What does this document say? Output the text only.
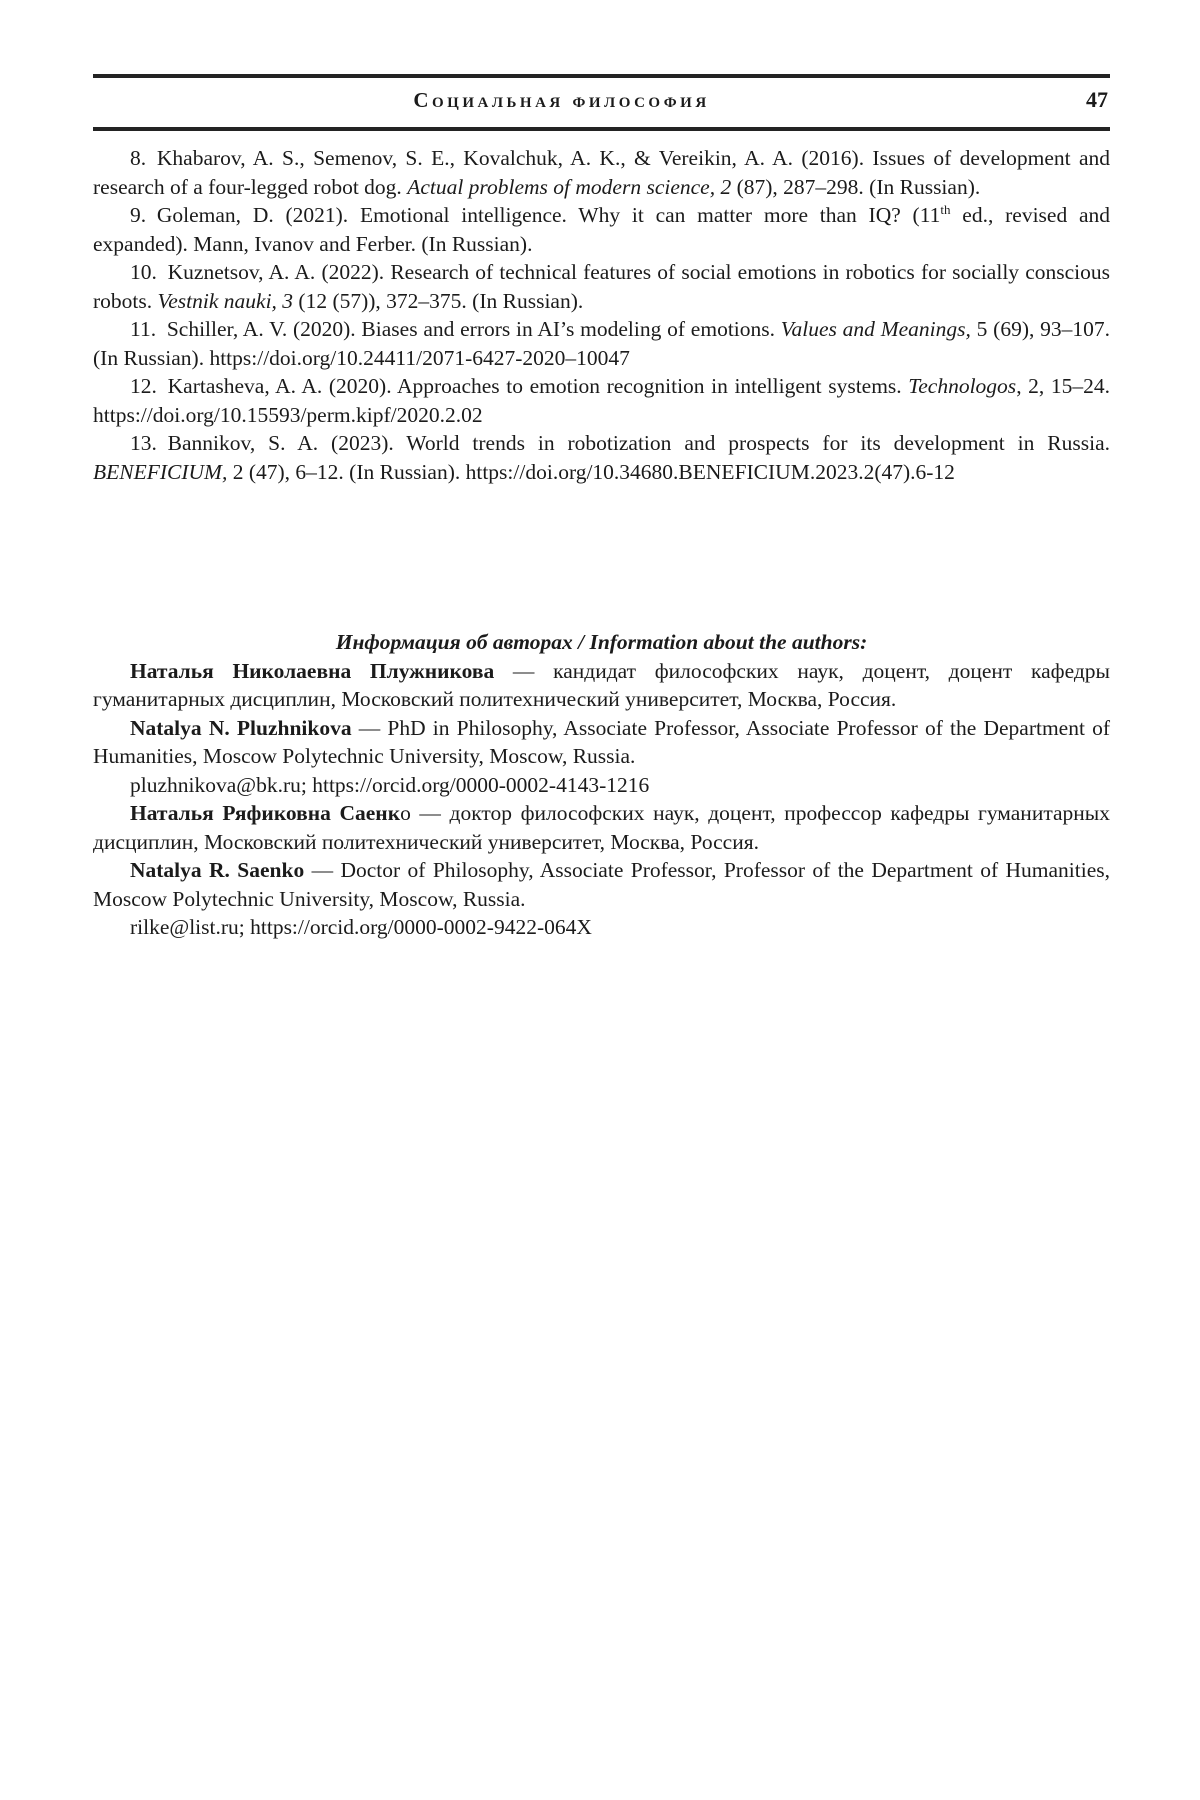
Социальная философия	47

8. Khabarov, A. S., Semenov, S. E., Kovalchuk, A. K., & Vereikin, A. A. (2016). Issues of development and research of a four-legged robot dog. Actual problems of modern science, 2 (87), 287–298. (In Russian).

9. Goleman, D. (2021). Emotional intelligence. Why it can matter more than IQ? (11th ed., revised and expanded). Mann, Ivanov and Ferber. (In Russian).

10. Kuznetsov, A. A. (2022). Research of technical features of social emotions in robotics for socially conscious robots. Vestnik nauki, 3 (12 (57)), 372–375. (In Russian).

11. Schiller, A. V. (2020). Biases and errors in AI’s modeling of emotions. Values and Meanings, 5 (69), 93–107. (In Russian). https://doi.org/​10.24411/​2071-6427-2020–​10047

12. Kartasheva, A. A. (2020). Approaches to emotion recognition in intelligent systems. Technologos, 2, 15–24. https://doi.org/10.15593/perm.kipf/2020.2.02

13. Bannikov, S. A. (2023). World trends in robotization and prospects for its development in Russia. BENEFICIUM, 2 (47), 6–12. (In Russian). https://doi.org/​10.34680.BENEFICIUM.2023.2(47).6-12

Информация об авторах / Information about the authors:

Наталья Николаевна Плужникова — кандидат философских наук, доцент, доцент кафедры гуманитарных дисциплин, Московский политехнический университет, Москва, Россия.

Natalya N. Pluzhnikova — PhD in Philosophy, Associate Professor, Associate Professor of the Department of Humanities, Moscow Polytechnic University, Moscow, Russia.

pluzhnikova@bk.ru; https://orcid.org/0000-0002-4143-1216

Наталья Ряфиковна Саенко — доктор философских наук, доцент, профессор кафедры гуманитарных дисциплин, Московский политехнический университет, Москва, Россия.

Natalya R. Saenko — Doctor of Philosophy, Associate Professor, Professor of the Department of Humanities, Moscow Polytechnic University, Moscow, Russia.

rilke@list.ru; https://orcid.org/0000-0002-9422-064X
